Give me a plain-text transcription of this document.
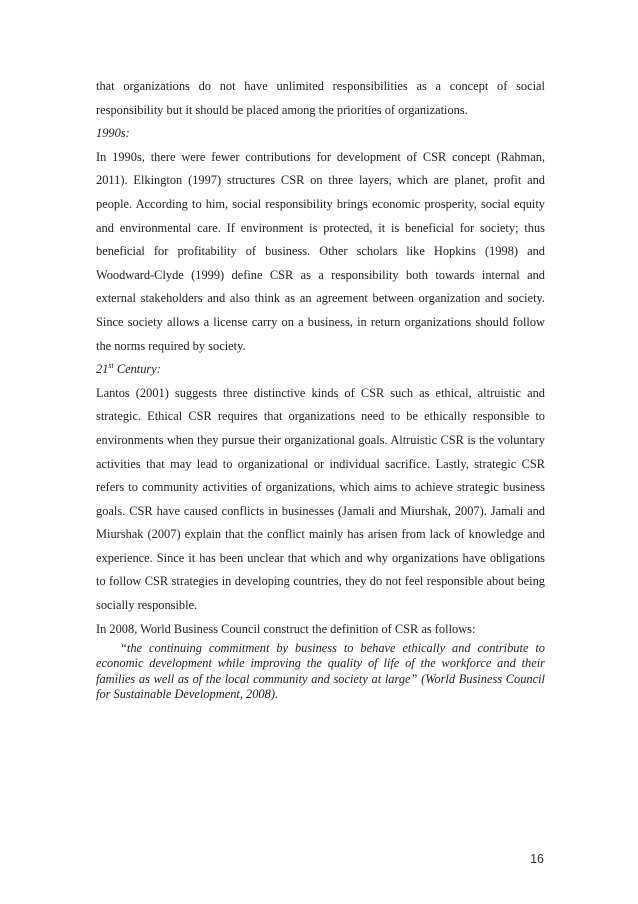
that organizations do not have unlimited responsibilities as a concept of social responsibility but it should be placed among the priorities of organizations.

1990s:

In 1990s, there were fewer contributions for development of CSR concept (Rahman, 2011). Elkington (1997) structures CSR on three layers, which are planet, profit and people. According to him, social responsibility brings economic prosperity, social equity and environmental care. If environment is protected, it is beneficial for society; thus beneficial for profitability of business. Other scholars like Hopkins (1998) and Woodward-Clyde (1999) define CSR as a responsibility both towards internal and external stakeholders and also think as an agreement between organization and society. Since society allows a license carry on a business, in return organizations should follow the norms required by society.

21st Century:

Lantos (2001) suggests three distinctive kinds of CSR such as ethical, altruistic and strategic. Ethical CSR requires that organizations need to be ethically responsible to environments when they pursue their organizational goals. Altruistic CSR is the voluntary activities that may lead to organizational or individual sacrifice. Lastly, strategic CSR refers to community activities of organizations, which aims to achieve strategic business goals. CSR have caused conflicts in businesses (Jamali and Miurshak, 2007). Jamali and Miurshak (2007) explain that the conflict mainly has arisen from lack of knowledge and experience. Since it has been unclear that which and why organizations have obligations to follow CSR strategies in developing countries, they do not feel responsible about being socially responsible.

In 2008, World Business Council construct the definition of CSR as follows:

“the continuing commitment by business to behave ethically and contribute to economic development while improving the quality of life of the workforce and their families as well as of the local community and society at large” (World Business Council for Sustainable Development, 2008).

16
